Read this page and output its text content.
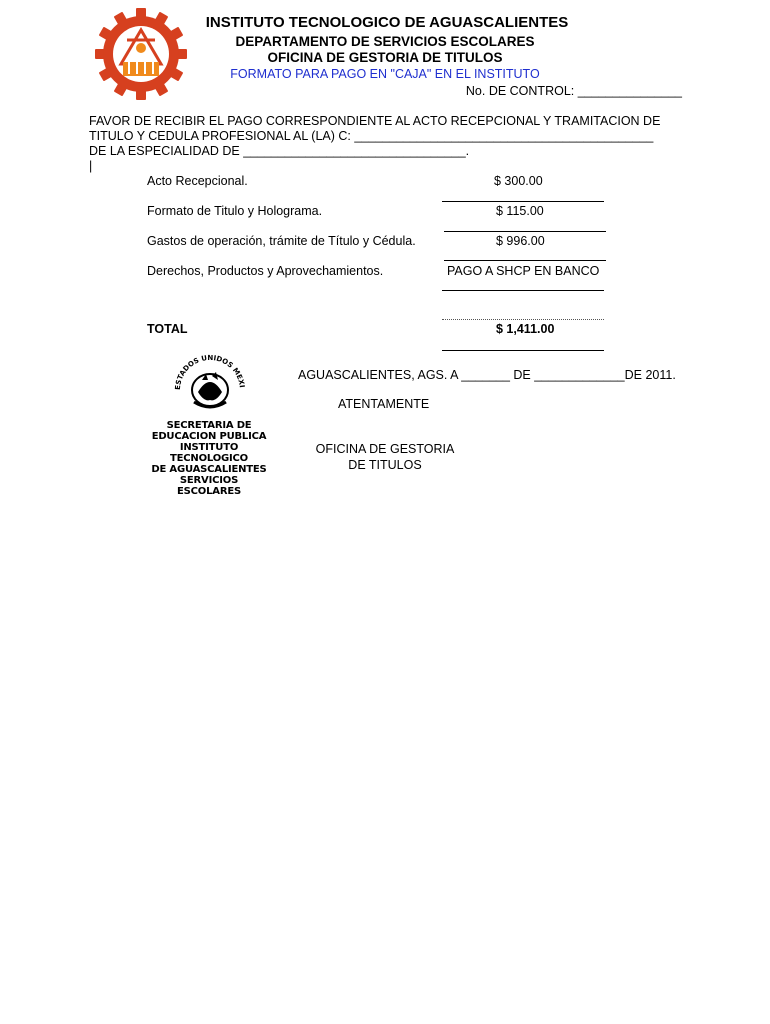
INSTITUTO TECNOLOGICO DE AGUASCALIENTES
DEPARTAMENTO DE SERVICIOS ESCOLARES
OFICINA DE GESTORIA DE TITULOS
FORMATO PARA PAGO EN "CAJA" EN EL INSTITUTO
No. DE CONTROL: _______________
FAVOR DE RECIBIR EL PAGO CORRESPONDIENTE AL ACTO RECEPCIONAL Y TRAMITACION DE
TITULO Y CEDULA PROFESIONAL AL (LA) C: ___________________________________________
DE LA ESPECIALIDAD DE ________________________________.
|
Acto Recepcional.	$ 300.00
Formato de Titulo y Holograma.	$ 115.00
Gastos de operación, trámite de Título y Cédula.	$ 996.00
Derechos, Productos y Aprovechamientos.	PAGO A SHCP EN BANCO
TOTAL	$ 1,411.00
ESTADOS UNIDOS MEXI
SECRETARIA DE
EDUCACION PUBLICA
INSTITUTO TECNOLOGICO
DE AGUASCALIENTES
SERVICIOS ESCOLARES
AGUASCALIENTES, AGS. A _______ DE _____________DE 2011.
ATENTAMENTE
OFICINA DE GESTORIA
DE TITULOS
